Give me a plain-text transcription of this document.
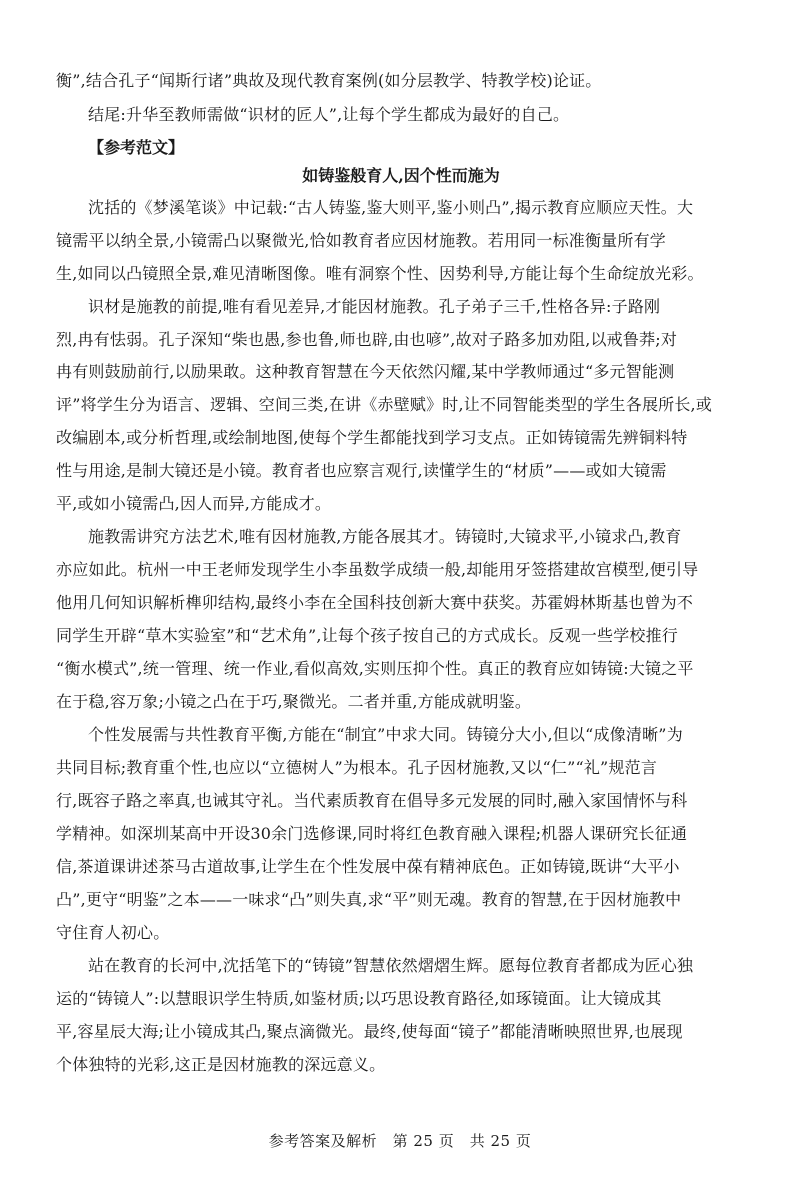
衡”,结合孔子“闻斯行诸”典故及现代教育案例(如分层教学、特教学校)论证。
结尾:升华至教师需做“识材的匠人”,让每个学生都成为最好的自己。
【参考范文】
如铸鉴般育人,因个性而施为
沈括的《梦溪笔谈》中记载:“古人铸鉴,鉴大则平,鉴小则凸”,揭示教育应顺应天性。大
镜需平以纳全景,小镜需凸以聚微光,恰如教育者应因材施教。若用同一标准衡量所有学
生,如同以凸镜照全景,难见清晰图像。唯有洞察个性、因势利导,方能让每个生命绽放光彩。
识材是施教的前提,唯有看见差异,才能因材施教。孔子弟子三千,性格各异:子路刚
烈,冉有怯弱。孔子深知“柴也愚,参也鲁,师也辟,由也喭”,故对子路多加劝阻,以戒鲁莽;对
冉有则鼓励前行,以励果敢。这种教育智慧在今天依然闪耀,某中学教师通过“多元智能测
评”将学生分为语言、逻辑、空间三类,在讲《赤壁赋》时,让不同智能类型的学生各展所长,或
改编剧本,或分析哲理,或绘制地图,使每个学生都能找到学习支点。正如铸镜需先辨铜料特
性与用途,是制大镜还是小镜。教育者也应察言观行,读懂学生的“材质”——或如大镜需
平,或如小镜需凸,因人而异,方能成才。
施教需讲究方法艺术,唯有因材施教,方能各展其才。铸镜时,大镜求平,小镜求凸,教育
亦应如此。杭州一中王老师发现学生小李虽数学成绩一般,却能用牙签搭建故宫模型,便引导
他用几何知识解析榫卯结构,最终小李在全国科技创新大赛中获奖。苏霍姆林斯基也曾为不
同学生开辟“草木实验室”和“艺术角”,让每个孩子按自己的方式成长。反观一些学校推行
“衡水模式”,统一管理、统一作业,看似高效,实则压抑个性。真正的教育应如铸镜:大镜之平
在于稳,容万象;小镜之凸在于巧,聚微光。二者并重,方能成就明鉴。
个性发展需与共性教育平衡,方能在“制宜”中求大同。铸镜分大小,但以“成像清晰”为
共同目标;教育重个性,也应以“立德树人”为根本。孔子因材施教,又以“仁”“礼”规范言
行,既容子路之率真,也诫其守礼。当代素质教育在倡导多元发展的同时,融入家国情怀与科
学精神。如深圳某高中开设30余门选修课,同时将红色教育融入课程;机器人课研究长征通
信,茶道课讲述茶马古道故事,让学生在个性发展中葆有精神底色。正如铸镜,既讲“大平小
凸”,更守“明鉴”之本——一味求“凸”则失真,求“平”则无魂。教育的智慧,在于因材施教中
守住育人初心。
站在教育的长河中,沈括笔下的“铸镜”智慧依然熠熠生辉。愿每位教育者都成为匠心独
运的“铸镜人”:以慧眼识学生特质,如鉴材质;以巧思设教育路径,如琢镜面。让大镜成其
平,容星辰大海;让小镜成其凸,聚点滴微光。最终,使每面“镜子”都能清晰映照世界,也展现
个体独特的光彩,这正是因材施教的深远意义。
参考答案及解析　第 25 页　共 25 页
